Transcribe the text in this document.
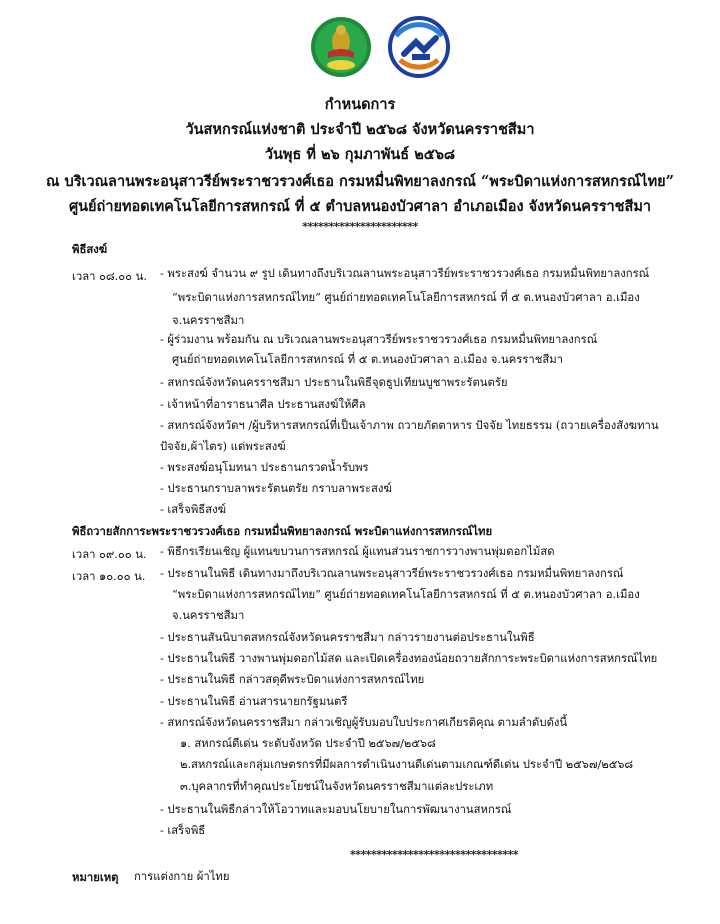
กำหนดการ
วันสหกรณ์แห่งชาติ ประจำปี ๒๕๖๘ จังหวัดนครราชสีมา
วันพุธ ที่ ๒๖ กุมภาพันธ์ ๒๕๖๘
ณ บริเวณลานพระอนุสาวรีย์พระราชวรวงศ์เธอ กรมหมื่นพิทยาลงกรณ์ “พระบิดาแห่งการสหกรณ์ไทย”
ศูนย์ถ่ายทอดเทคโนโลยีการสหกรณ์ ที่ ๕ ตำบลหนองบัวศาลา อำเภอเมือง จังหวัดนครราชสีมา
**********************
พิธีสงฆ์
เวลา ๐๘.๐๐ น. - พระสงฆ์ จำนวน ๙ รูป เดินทางถึงบริเวณลานพระอนุสาวรีย์พระราชวรวงศ์เธอ กรมหมื่นพิทยาลงกรณ์
“พระบิดาแห่งการสหกรณ์ไทย” ศูนย์ถ่ายทอดเทคโนโลยีการสหกรณ์ ที่ ๕ ต.หนองบัวศาลา อ.เมือง
จ.นครราชสีมา
- ผู้ร่วมงาน พร้อมกัน ณ บริเวณลานพระอนุสาวรีย์พระราชวรวงศ์เธอ กรมหมื่นพิทยาลงกรณ์
ศูนย์ถ่ายทอดเทคโนโลยีการสหกรณ์ ที่ ๕ ต.หนองบัวศาลา อ.เมือง จ.นครราชสีมา
- สหกรณ์จังหวัดนครราชสีมา ประธานในพิธีจุดธูปเทียนบูชาพระรัตนตรัย
- เจ้าหน้าที่อาราธนาศีล ประธานสงฆ์ให้ศีล
- สหกรณ์จังหวัดฯ /ผู้บริหารสหกรณ์ที่เป็นเจ้าภาพ ถวายภัตตาหาร ปัจจัย ไทยธรรม (ถวายเครื่องสังฆทาน
ปัจจัย,ผ้าไตร) แด่พระสงฆ์
- พระสงฆ์อนุโมทนา ประธานกรวดน้ำรับพร
- ประธานกราบลาพระรัตนตรัย กราบลาพระสงฆ์
- เสร็จพิธีสงฆ์
พิธีถวายสักการะพระราชวรวงศ์เธอ กรมหมื่นพิทยาลงกรณ์ พระบิดาแห่งการสหกรณ์ไทย
เวลา ๐๙.๐๐ น. - พิธีกรเรียนเชิญ ผู้แทนขบวนการสหกรณ์ ผู้แทนส่วนราชการวางพานพุ่มดอกไม้สด
เวลา ๑๐.๐๐ น. - ประธานในพิธี เดินทางมาถึงบริเวณลานพระอนุสาวรีย์พระราชวรวงศ์เธอ กรมหมื่นพิทยาลงกรณ์
“พระบิดาแห่งการสหกรณ์ไทย” ศูนย์ถ่ายทอดเทคโนโลยีการสหกรณ์ ที่ ๕ ต.หนองบัวศาลา อ.เมือง
จ.นครราชสีมา
- ประธานสันนิบาตสหกรณ์จังหวัดนครราชสีมา กล่าวรายงานต่อประธานในพิธี
- ประธานในพิธี วางพานพุ่มดอกไม้สด และเปิดเครื่องทองน้อยถวายสักการะพระบิดาแห่งการสหกรณ์ไทย
- ประธานในพิธี กล่าวสดุดีพระบิดาแห่งการสหกรณ์ไทย
- ประธานในพิธี อ่านสารนายกรัฐมนตรี
- สหกรณ์จังหวัดนครราชสีมา กล่าวเชิญผู้รับมอบใบประกาศเกียรติคุณ ตามลำดับดังนี้
๑. สหกรณ์ดีเด่น ระดับจังหวัด ประจำปี ๒๕๖๗/๒๕๖๘
๒.สหกรณ์และกลุ่มเกษตรกรที่มีผลการดำเนินงานดีเด่นตามเกณฑ์ดีเด่น ประจำปี ๒๕๖๗/๒๕๖๘
๓.บุคลากรที่ทำคุณประโยชน์ในจังหวัดนครราชสีมาแต่ละประเภท
- ประธานในพิธีกล่าวให้โอวาทและมอบนโยบายในการพัฒนางานสหกรณ์
- เสร็จพิธี
********************************
หมายเหตุ การแต่งกาย ผ้าไทย
